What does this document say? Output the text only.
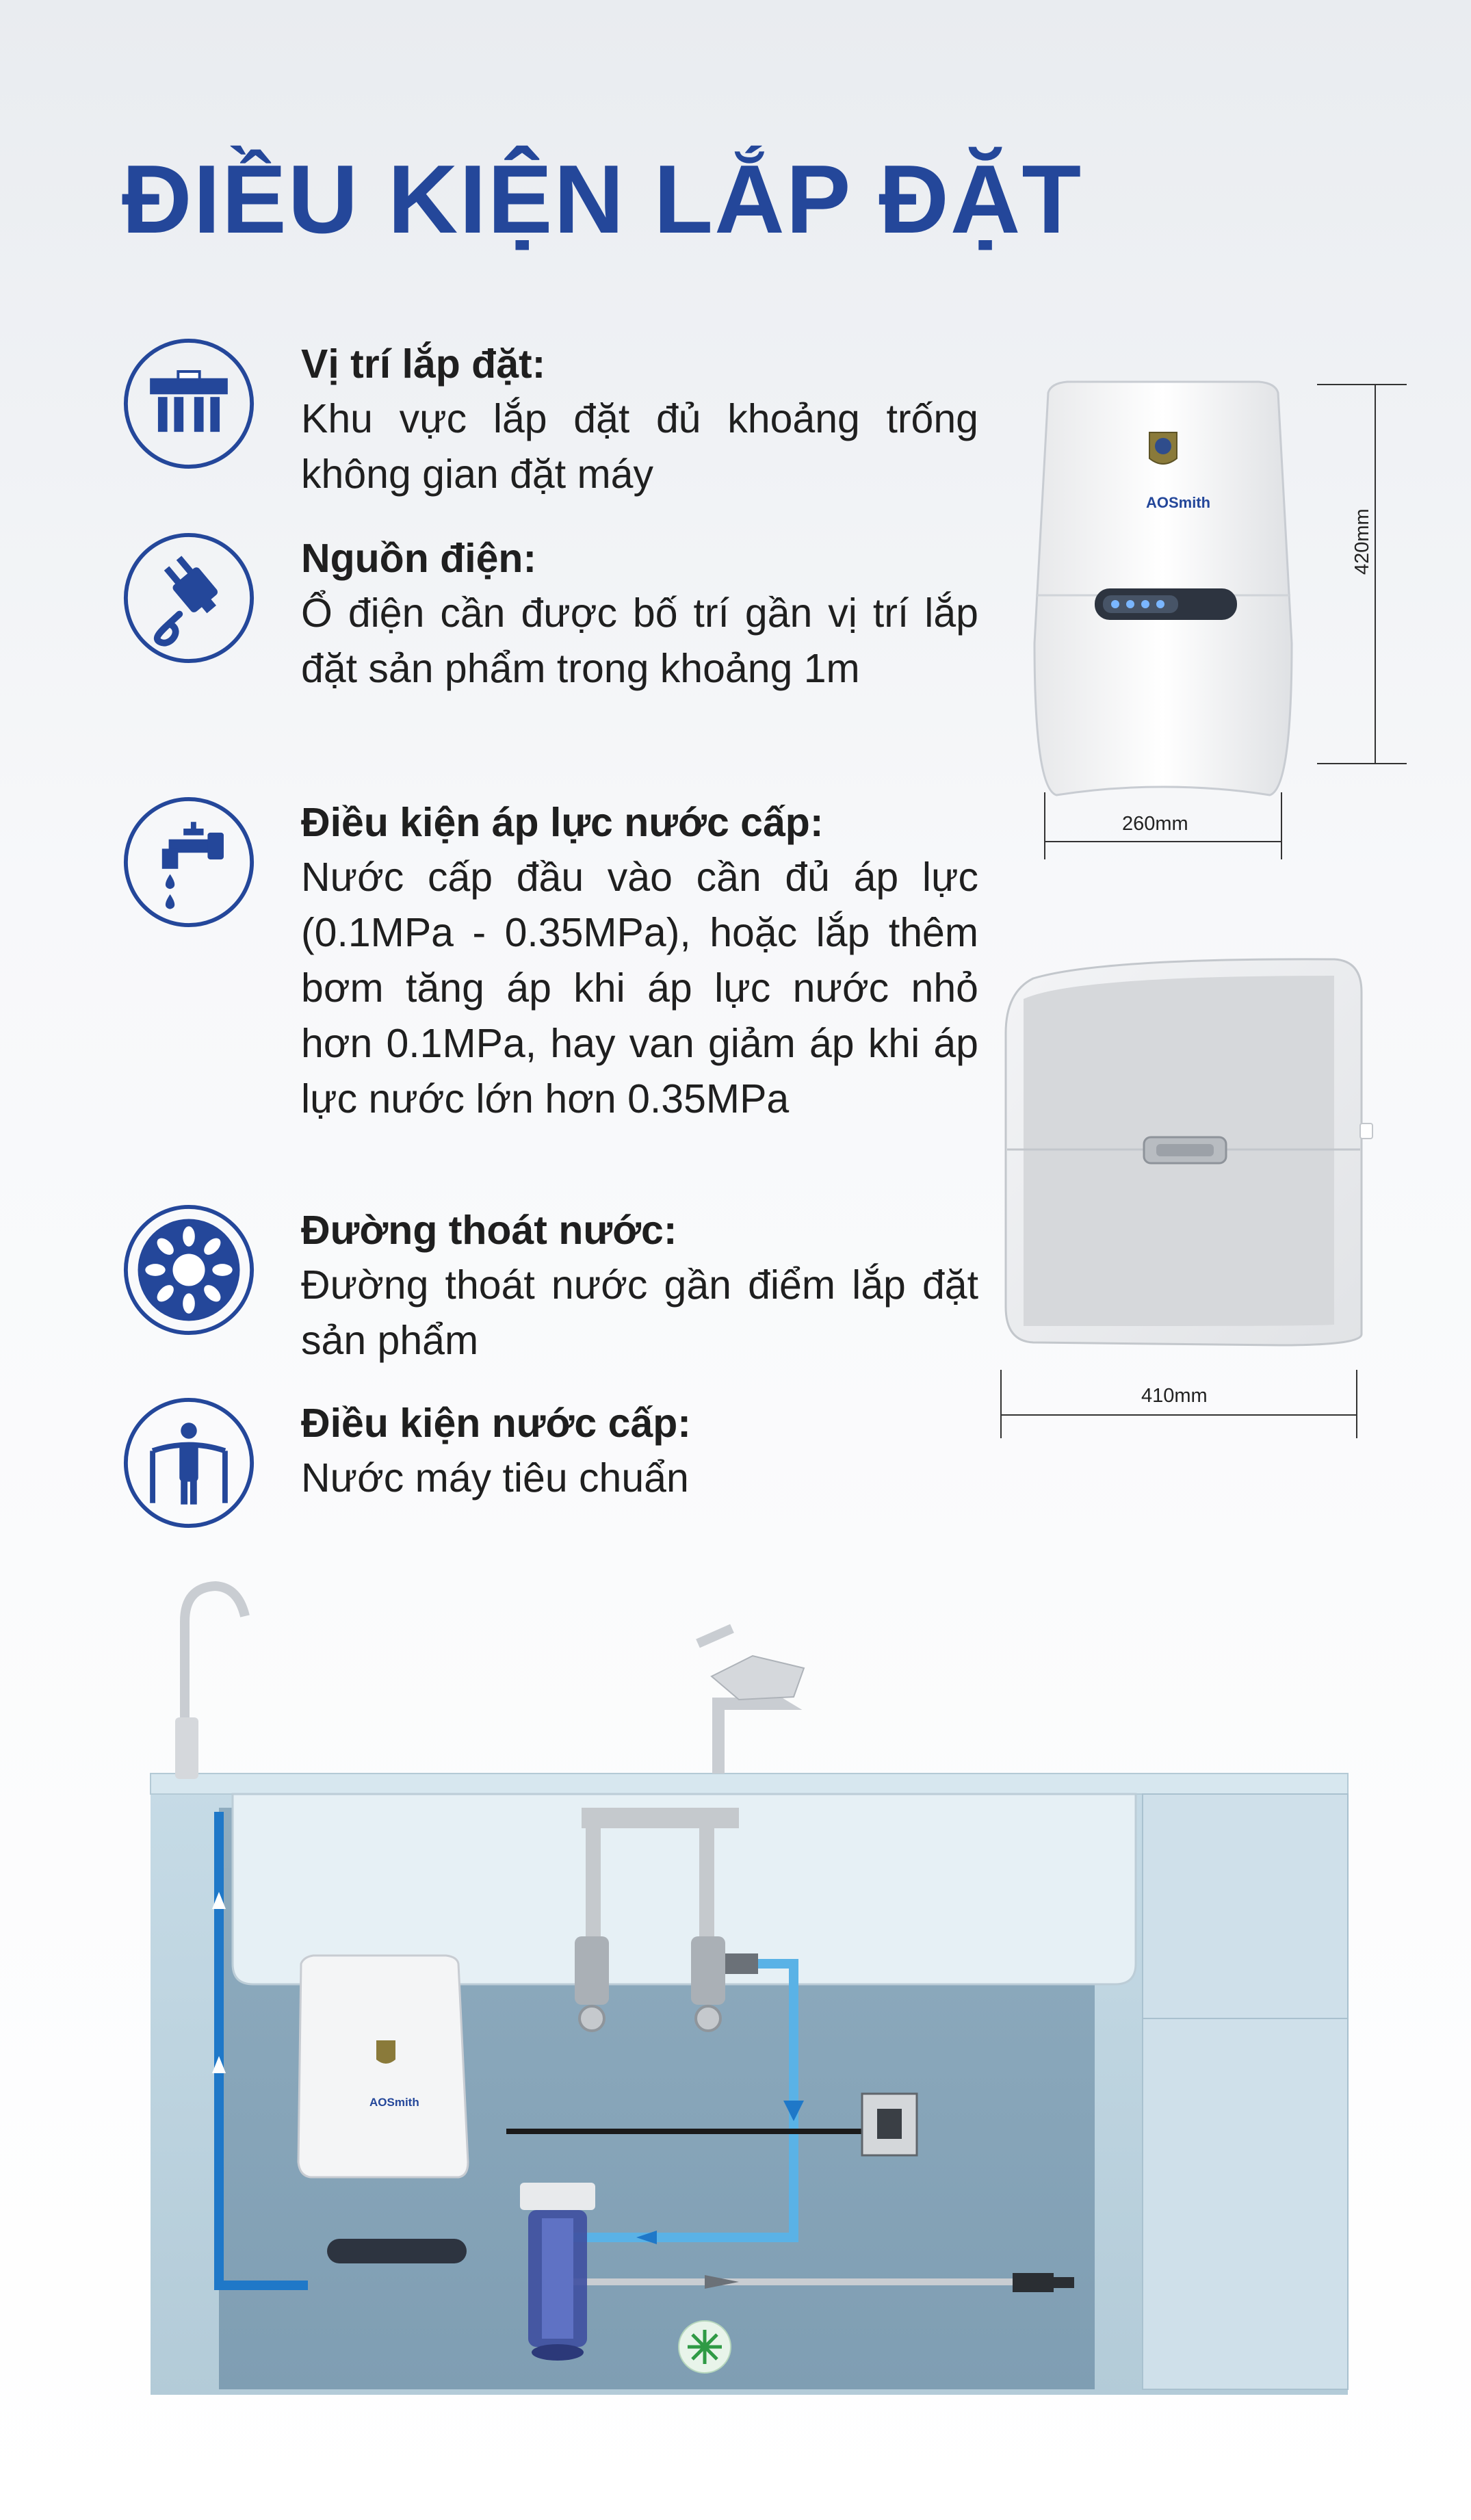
ĐIỀU KIỆN LẮP ĐẶT
Vị trí lắp đặt:
Khu vực lắp đặt đủ khoảng trống không gian đặt máy
Nguồn điện:
Ổ điện cần được bố trí gần vị trí lắp đặt sản phẩm trong khoảng 1m
Điều kiện áp lực nước cấp:
Nước cấp đầu vào cần đủ áp lực (0.1MPa - 0.35MPa), hoặc lắp thêm bơm tăng áp khi áp lực nước nhỏ hơn 0.1MPa, hay van giảm áp khi áp lực nước lớn hơn 0.35MPa
Đường thoát nước:
Đường thoát nước gần điểm lắp đặt sản phẩm
Điều kiện nước cấp:
Nước máy tiêu chuẩn
AOSmith
420mm
260mm
410mm
AOSmith
